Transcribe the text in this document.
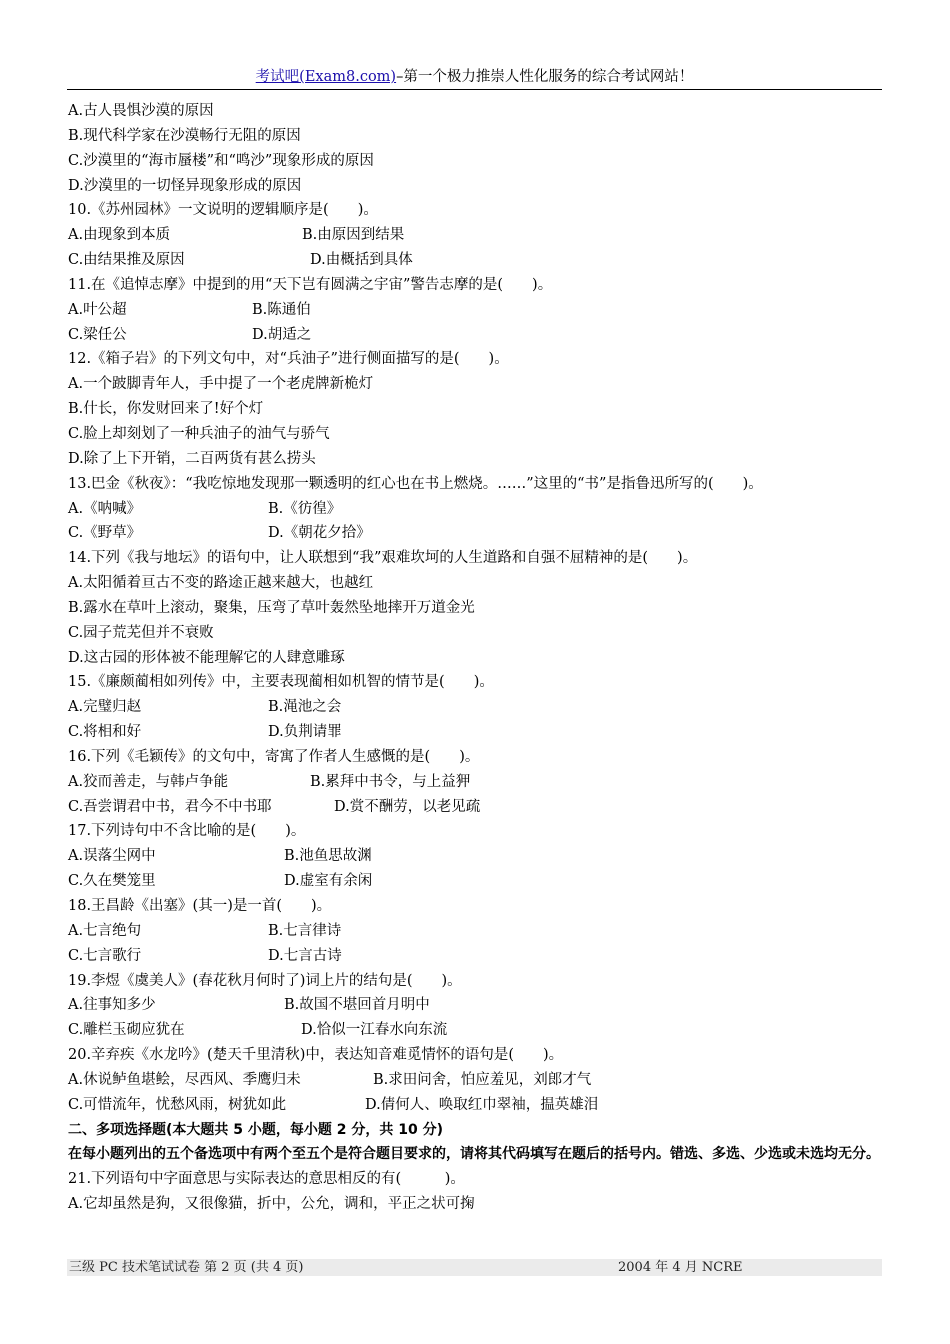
考试吧(Exam8.com)–第一个极力推崇人性化服务的综合考试网站！
A.古人畏惧沙漠的原因
B.现代科学家在沙漠畅行无阻的原因
C.沙漠里的“海市蜃楼”和“鸣沙”现象形成的原因
D.沙漠里的一切怪异现象形成的原因
10.《苏州园林》一文说明的逻辑顺序是(　　)。
A.由现象到本质	B.由原因到结果
C.由结果推及原因	D.由概括到具体
11.在《追悼志摩》中提到的用“天下岂有圆满之宇宙”警告志摩的是(　　)。
A.叶公超	B.陈通伯
C.梁任公	D.胡适之
12.《箱子岩》的下列文句中，对“兵油子”进行侧面描写的是(　　)。
A.一个跛脚青年人，手中提了一个老虎牌新桅灯
B.什长，你发财回来了!好个灯
C.脸上却刻划了一种兵油子的油气与骄气
D.除了上下开销，二百两货有甚么捞头
13.巴金《秋夜》：“我吃惊地发现那一颗透明的红心也在书上燃烧。……”这里的“书”是指鲁迅所写的(　　)。
A.《呐喊》	B.《彷徨》
C.《野草》	D.《朝花夕拾》
14.下列《我与地坛》的语句中，让人联想到“我”艰难坎坷的人生道路和自强不屈精神的是(　　)。
A.太阳循着亘古不变的路途正越来越大，也越红
B.露水在草叶上滚动，聚集，压弯了草叶轰然坠地摔开万道金光
C.园子荒芜但并不衰败
D.这古园的形体被不能理解它的人肆意雕琢
15.《廉颇蔺相如列传》中，主要表现蔺相如机智的情节是(　　)。
A.完璧归赵	B.渑池之会
C.将相和好	D.负荆请罪
16.下列《毛颖传》的文句中，寄寓了作者人生感慨的是(　　)。
A.狡而善走，与韩卢争能	B.累拜中书令，与上益狎
C.吾尝谓君中书，君今不中书耶	D.赏不酬劳，以老见疏
17.下列诗句中不含比喻的是(　　)。
A.误落尘网中	B.池鱼思故渊
C.久在樊笼里	D.虚室有余闲
18.王昌龄《出塞》(其一)是一首(　　)。
A.七言绝句	B.七言律诗
C.七言歌行	D.七言古诗
19.李煜《虞美人》(春花秋月何时了)词上片的结句是(　　)。
A.往事知多少	B.故国不堪回首月明中
C.雕栏玉砌应犹在	D.恰似一江春水向东流
20.辛弃疾《水龙吟》(楚天千里清秋)中，表达知音难觅情怀的语句是(　　)。
A.休说鲈鱼堪鲙，尽西风、季鹰归未	B.求田问舍，怕应羞见，刘郎才气
C.可惜流年，忧愁风雨，树犹如此	D.倩何人、唤取红巾翠袖，揾英雄泪
二、多项选择题(本大题共 5 小题，每小题 2 分，共 10 分)
在每小题列出的五个备选项中有两个至五个是符合题目要求的，请将其代码填写在题后的括号内。错选、多选、少选或未选均无分。
21.下列语句中字面意思与实际表达的意思相反的有(　　　)。
A.它却虽然是狗，又很像猫，折中，公允，调和，平正之状可掬
三级 PC 技术笔试试卷 第 2 页 (共 4 页)	2004 年 4 月 NCRE
